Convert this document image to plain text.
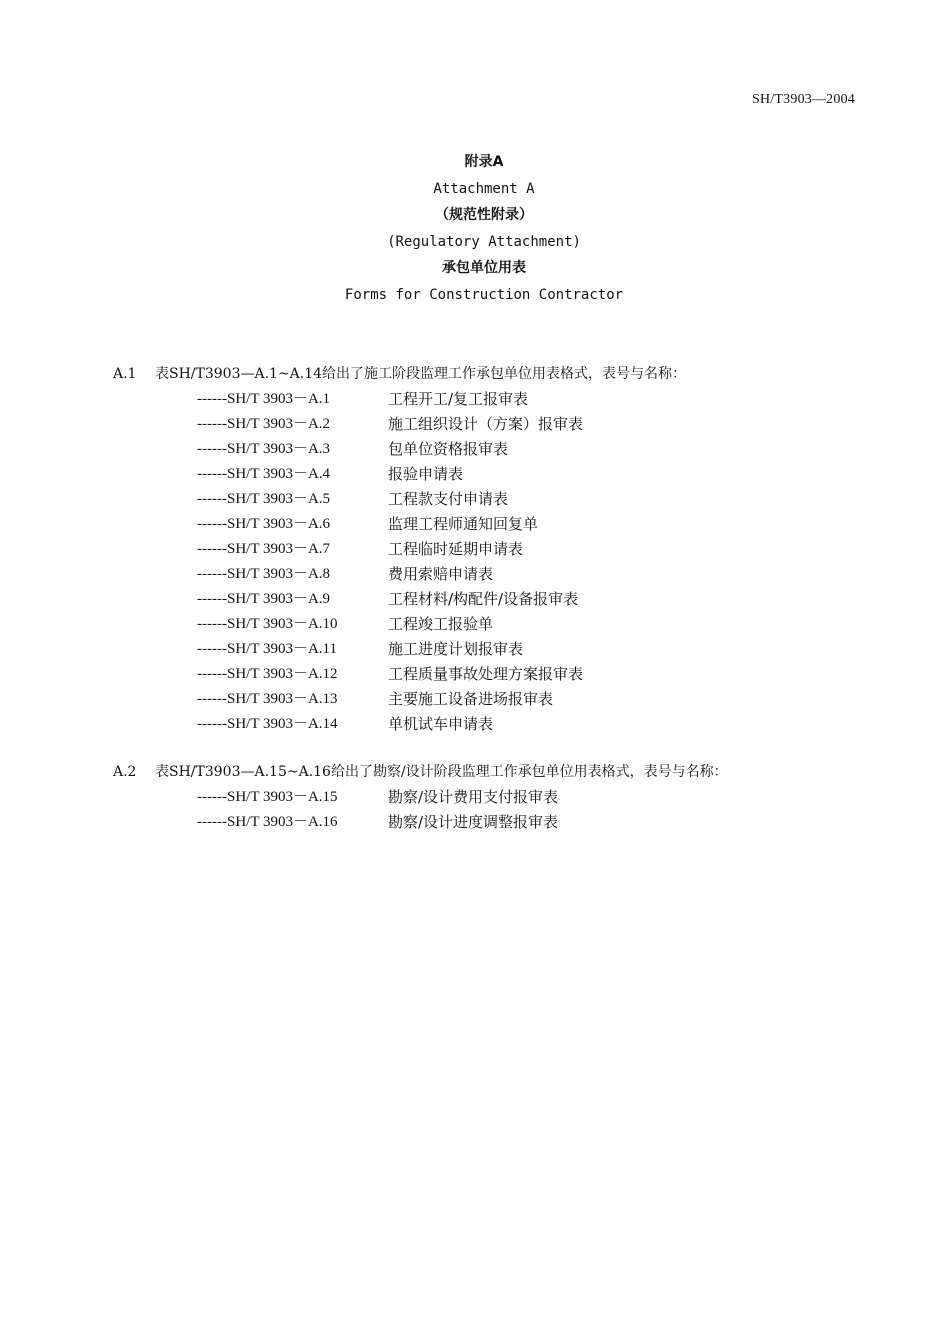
SH/T3903—2004
附录A
Attachment A
（规范性附录）
(Regulatory Attachment)
承包单位用表
Forms for Construction Contractor
A.1 表SH/T3903—A.1~A.14给出了施工阶段监理工作承包单位用表格式，表号与名称：
------SH/T 3903－A.1	工程开工/复工报审表
------SH/T 3903－A.2	施工组织设计（方案）报审表
------SH/T 3903－A.3	包单位资格报审表
------SH/T 3903－A.4	报验申请表
------SH/T 3903－A.5	工程款支付申请表
------SH/T 3903－A.6	监理工程师通知回复单
------SH/T 3903－A.7	工程临时延期申请表
------SH/T 3903－A.8	费用索赔申请表
------SH/T 3903－A.9	工程材料/构配件/设备报审表
------SH/T 3903－A.10	工程竣工报验单
------SH/T 3903－A.11	施工进度计划报审表
------SH/T 3903－A.12	工程质量事故处理方案报审表
------SH/T 3903－A.13	主要施工设备进场报审表
------SH/T 3903－A.14	单机试车申请表
A.2 表SH/T3903—A.15~A.16给出了勘察/设计阶段监理工作承包单位用表格式，表号与名称：
------SH/T 3903－A.15	勘察/设计费用支付报审表
------SH/T 3903－A.16	勘察/设计进度调整报审表
